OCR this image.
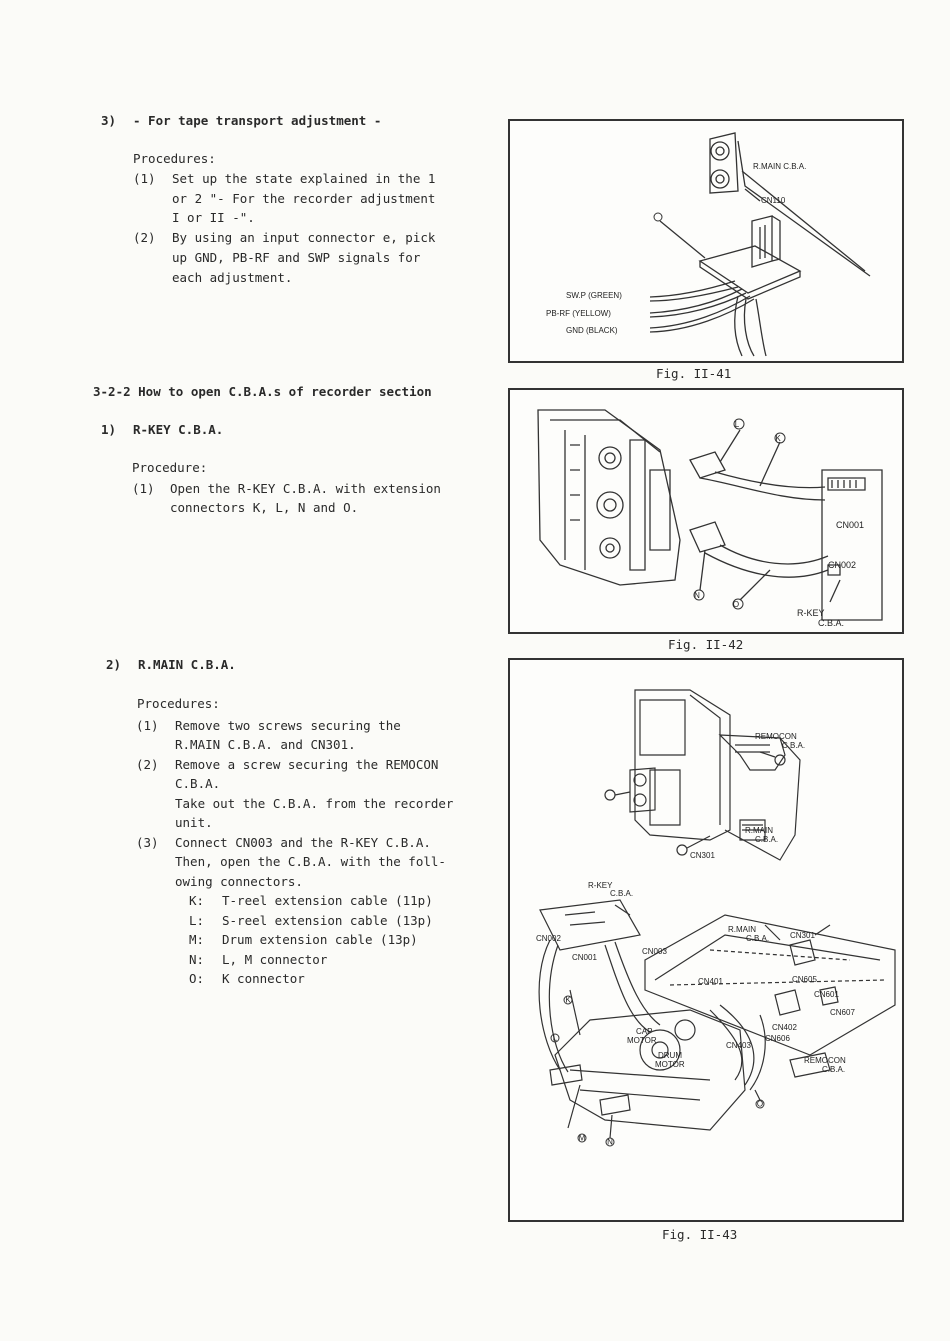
3) - For tape transport adjustment -
Procedures:
(1) Set up the state explained in the 1
or 2 "- For the recorder adjustment
I or II -".
(2) By using an input connector e, pick
up GND, PB-RF and SWP signals for
each adjustment.
3-2-2 How to open C.B.A.s of recorder section
1) R-KEY C.B.A.
Procedure:
(1) Open the R-KEY C.B.A. with extension
connectors K, L, N and O.
2) R.MAIN C.B.A.
Procedures:
(1) Remove two screws securing the
R.MAIN C.B.A. and CN301.
(2) Remove a screw securing the REMOCON
C.B.A.
Take out the C.B.A. from the recorder
unit.
(3) Connect CN003 and the R-KEY C.B.A.
Then, open the C.B.A. with the foll-
owing connectors.
K: T-reel extension cable (11p)
L: S-reel extension cable (13p)
M: Drum extension cable (13p)
N: L, M connector
O: K connector
R.MAIN C.B.A.
CN110
SW.P (GREEN)
PB-RF (YELLOW)
GND (BLACK)
Fig. II-41
L
K
N
O
CN001
CN002
R-KEY
C.B.A.
Fig. II-42
K
L
M	N
O
REMOCON
C.B.A.
R.MAIN
C.B.A.
CN301
R-KEY
C.B.A.
CN002
CN001
CN003
CN401
R.MAIN
C.B.A.	CN301
CN605
CN601
CN607
CN402
CN606
CN403
CAP
MOTOR
DRUM
MOTOR	REMOCON
C.B.A.
Fig. II-43
